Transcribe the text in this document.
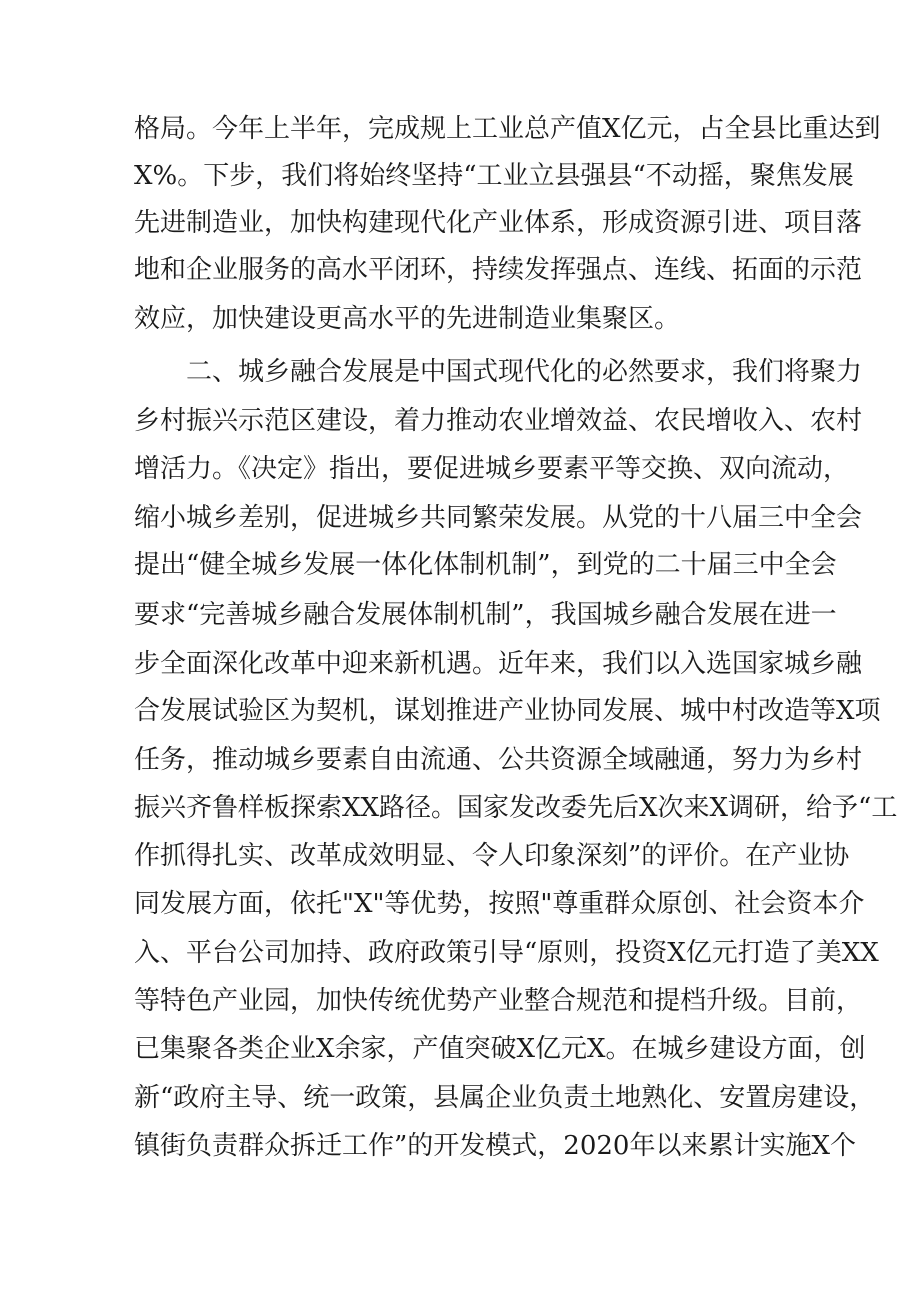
格局。今年上半年，完成规上工业总产值X亿元，占全县比重达到
X%。下步，我们将始终坚持“工业立县强县“不动摇，聚焦发展
先进制造业，加快构建现代化产业体系，形成资源引进、项目落
地和企业服务的高水平闭环，持续发挥强点、连线、拓面的示范
效应，加快建设更高水平的先进制造业集聚区。
二、城乡融合发展是中国式现代化的必然要求，我们将聚力
乡村振兴示范区建设，着力推动农业增效益、农民增收入、农村
增活力。《决定》指出，要促进城乡要素平等交换、双向流动，
缩小城乡差别，促进城乡共同繁荣发展。从党的十八届三中全会
提出“健全城乡发展一体化体制机制”，到党的二十届三中全会
要求“完善城乡融合发展体制机制”，我国城乡融合发展在进一
步全面深化改革中迎来新机遇。近年来，我们以入选国家城乡融
合发展试验区为契机，谋划推进产业协同发展、城中村改造等X项
任务，推动城乡要素自由流通、公共资源全域融通，努力为乡村
振兴齐鲁样板探索XX路径。国家发改委先后X次来X调研，给予“工
作抓得扎实、改革成效明显、令人印象深刻”的评价。在产业协
同发展方面，依托"X"等优势，按照"尊重群众原创、社会资本介
入、平台公司加持、政府政策引导“原则，投资X亿元打造了美XX
等特色产业园，加快传统优势产业整合规范和提档升级。目前，
已集聚各类企业X余家，产值突破X亿元X。在城乡建设方面，创
新“政府主导、统一政策，县属企业负责土地熟化、安置房建设，
镇街负责群众拆迁工作”的开发模式，2020年以来累计实施X个
